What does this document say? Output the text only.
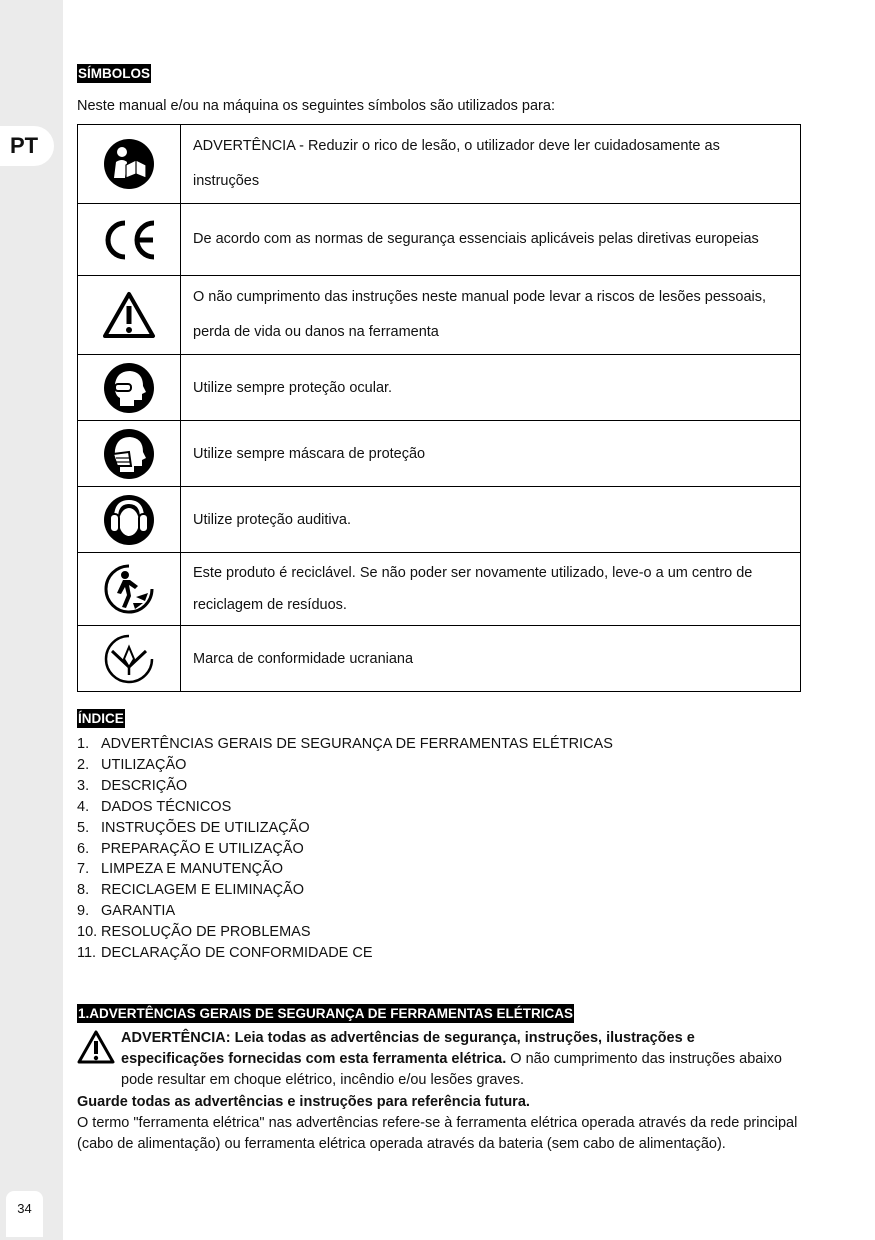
PT
34
SÍMBOLOS
Neste manual e/ou na máquina os seguintes símbolos são utilizados para:
	ADVERTÊNCIA - Reduzir o rico de lesão, o utilizador deve ler cuidadosamente as instruções

	De acordo com as normas de segurança essenciais aplicáveis pelas diretivas europeias

	O não cumprimento das instruções neste manual pode levar a riscos de lesões pessoais, perda de vida ou danos na ferramenta

	Utilize sempre proteção ocular.

	Utilize sempre máscara de proteção

	Utilize proteção auditiva.

	Este produto é reciclável. Se não poder ser novamente utilizado, leve-o a um centro de reciclagem de resíduos.

	Marca de conformidade ucraniana
ÍNDICE
1. ADVERTÊNCIAS GERAIS DE SEGURANÇA DE FERRAMENTAS ELÉTRICAS
2. UTILIZAÇÃO
3. DESCRIÇÃO
4. DADOS TÉCNICOS
5. INSTRUÇÕES DE UTILIZAÇÃO
6. PREPARAÇÃO E UTILIZAÇÃO
7. LIMPEZA E MANUTENÇÃO
8. RECICLAGEM E ELIMINAÇÃO
9. GARANTIA
10. RESOLUÇÃO DE PROBLEMAS
11. DECLARAÇÃO DE CONFORMIDADE CE
1.ADVERTÊNCIAS GERAIS DE SEGURANÇA DE FERRAMENTAS ELÉTRICAS
ADVERTÊNCIA: Leia todas as advertências de segurança, instruções, ilustrações e especificações fornecidas com esta ferramenta elétrica. O não cumprimento das instruções abaixo pode resultar em choque elétrico, incêndio e/ou lesões graves.
Guarde todas as advertências e instruções para referência futura.
O termo "ferramenta elétrica" nas advertências refere-se à ferramenta elétrica operada através da rede principal (cabo de alimentação) ou ferramenta elétrica operada através da bateria (sem cabo de alimentação).
